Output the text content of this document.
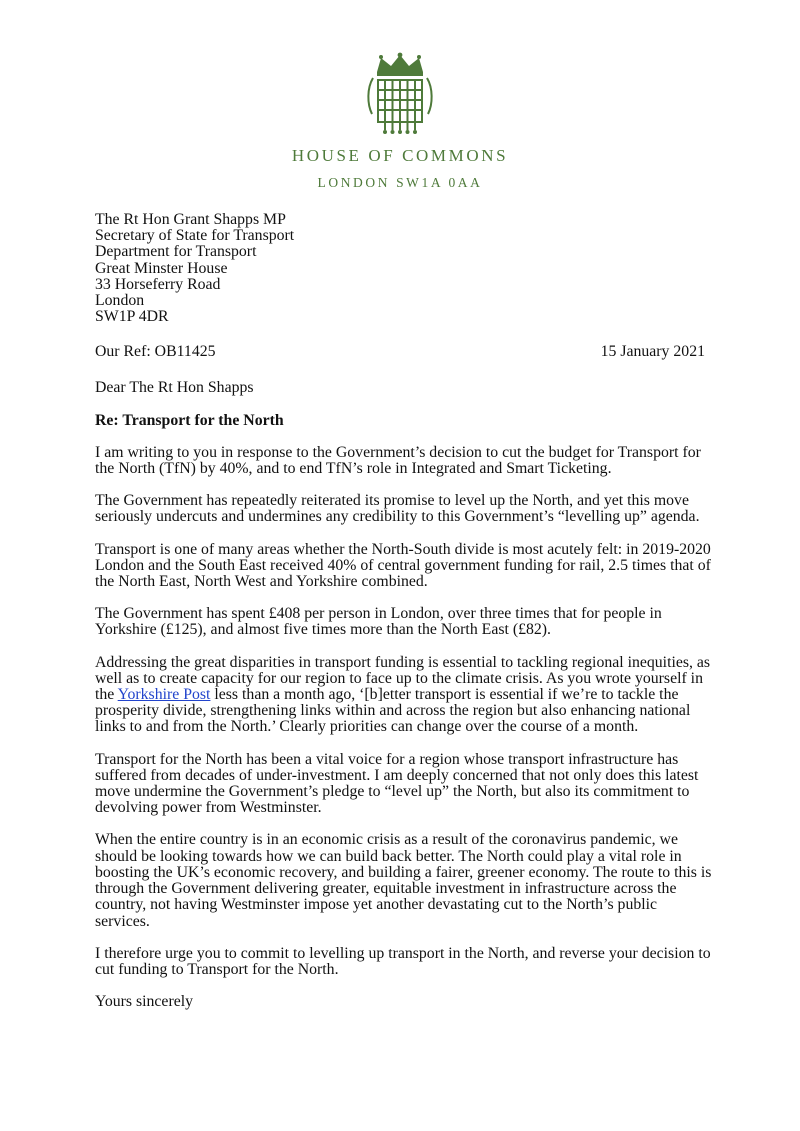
HOUSE OF COMMONS
LONDON SW1A 0AA
The Rt Hon Grant Shapps MP
Secretary of State for Transport
Department for Transport
Great Minster House
33 Horseferry Road
London
SW1P 4DR
Our Ref: OB11425	15 January 2021
Dear The Rt Hon Shapps
Re: Transport for the North

I am writing to you in response to the Government’s decision to cut the budget for Transport for the North (TfN) by 40%, and to end TfN’s role in Integrated and Smart Ticketing.

The Government has repeatedly reiterated its promise to level up the North, and yet this move seriously undercuts and undermines any credibility to this Government’s “levelling up” agenda.

Transport is one of many areas whether the North-South divide is most acutely felt: in 2019-2020 London and the South East received 40% of central government funding for rail, 2.5 times that of the North East, North West and Yorkshire combined.

The Government has spent £408 per person in London, over three times that for people in Yorkshire (£125), and almost five times more than the North East (£82).

Addressing the great disparities in transport funding is essential to tackling regional inequities, as well as to create capacity for our region to face up to the climate crisis. As you wrote yourself in the Yorkshire Post less than a month ago, ‘[b]etter transport is essential if we’re to tackle the prosperity divide, strengthening links within and across the region but also enhancing national links to and from the North.’ Clearly priorities can change over the course of a month.

Transport for the North has been a vital voice for a region whose transport infrastructure has suffered from decades of under-investment. I am deeply concerned that not only does this latest move undermine the Government’s pledge to “level up” the North, but also its commitment to devolving power from Westminster.

When the entire country is in an economic crisis as a result of the coronavirus pandemic, we should be looking towards how we can build back better. The North could play a vital role in boosting the UK’s economic recovery, and building a fairer, greener economy. The route to this is through the Government delivering greater, equitable investment in infrastructure across the country, not having Westminster impose yet another devastating cut to the North’s public services.

I therefore urge you to commit to levelling up transport in the North, and reverse your decision to cut funding to Transport for the North.

Yours sincerely
